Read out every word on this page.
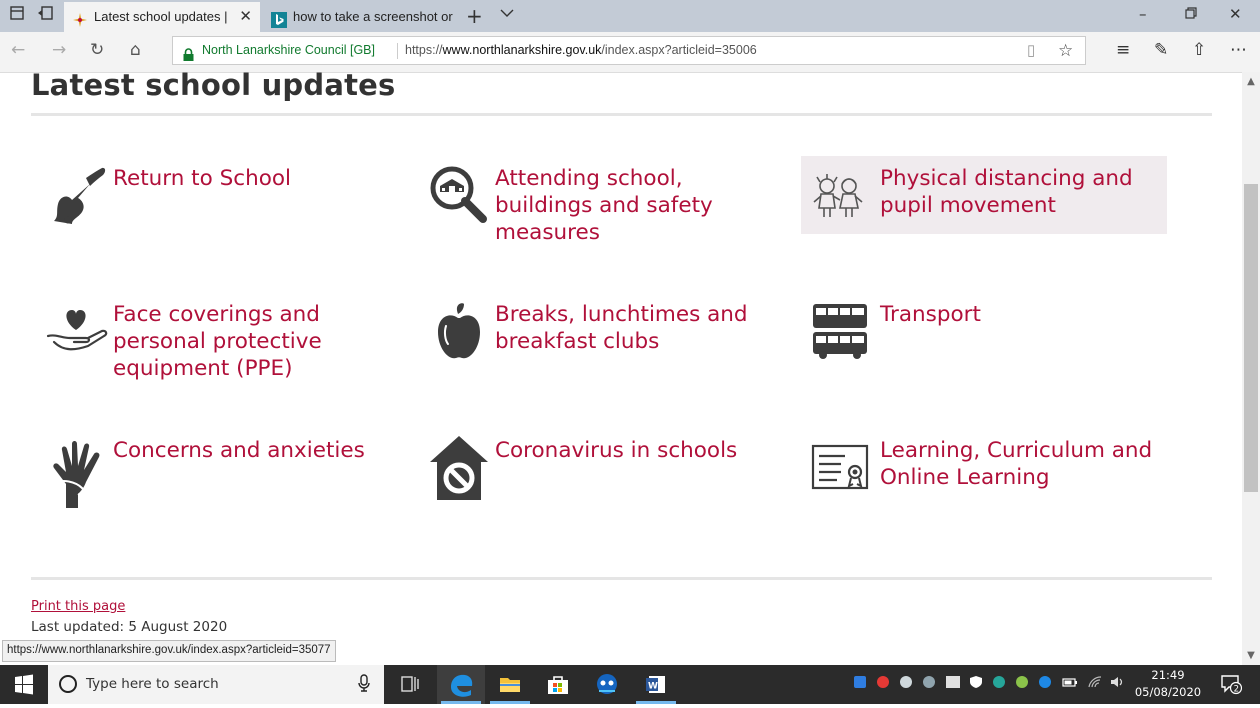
Latest school updates | ✕	how to take a screenshot or +	–	✕
← → ↻ ⌂	North Lanarkshire Council [GB] https://www.northlanarkshire.gov.uk/index.aspx?articleid=35006	▯ ☆	≡ ✎ ⇧ ⋯
Latest school updates
Return to School	Attending school, buildings and safety measures
Physical distancing and pupil movement
Face coverings and personal protective equipment (PPE)
Breaks, lunchtimes and breakfast clubs
Transport
Concerns and anxieties	Coronavirus in schools	Learning, Curriculum and Online Learning
Print this page
Last updated: 5 August 2020
https://www.northlanarkshire.gov.uk/index.aspx?articleid=35077
▲
▼
Type here to search	W
21:49
05/08/2020	2
